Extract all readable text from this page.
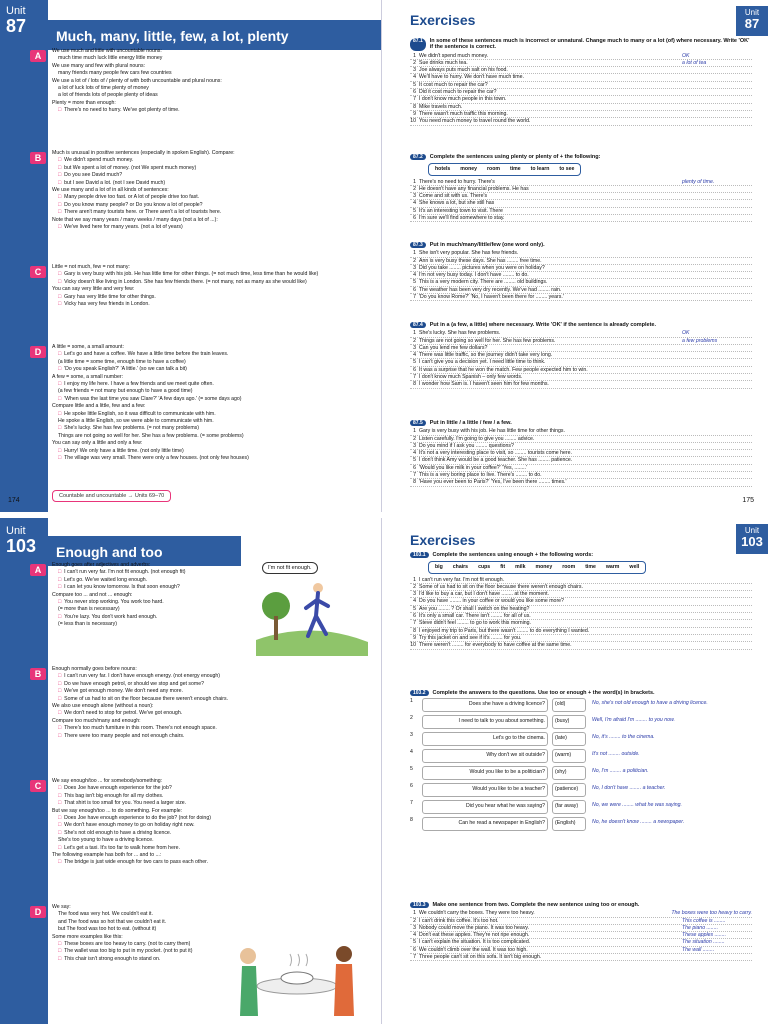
Unit
87	Much, many, little, few, a lot, plenty
A	We use much and little with uncountable nouns:

much time much luck little energy little money

We use many and few with plural nouns:

many friends many people few cars few countries

We use a lot of / lots of / plenty of with both uncountable and plural nouns:

a lot of luck lots of time plenty of money

a lot of friends lots of people plenty of ideas

Plenty = more than enough:

□ There's no need to hurry. We've got plenty of time.

B	Much is unusual in positive sentences (especially in spoken English). Compare:

□ We didn't spend much money.

□ but We spent a lot of money. (not We spent much money)

□ Do you see David much?

□ but I see David a lot. (not I see David much)

We use many and a lot of in all kinds of sentences:

□ Many people drive too fast. or A lot of people drive too fast.

□ Do you know many people? or Do you know a lot of people?

□ There aren't many tourists here. or There aren't a lot of tourists here.

Note that we say many years / many weeks / many days (not a lot of ...):

□ We've lived here for many years. (not a lot of years)

C	Little = not much, few = not many:

□ Gary is very busy with his job. He has little time for other things. (= not much time, less time than he would like)

□ Vicky doesn't like living in London. She has few friends there. (= not many, not as many as she would like)

You can say very little and very few:

□ Gary has very little time for other things.

□ Vicky has very few friends in London.

D	A little = some, a small amount:

□ Let's go and have a coffee. We have a little time before the train leaves.

(a little time = some time, enough time to have a coffee)

□ 'Do you speak English?' 'A little.' (so we can talk a bit)

A few = some, a small number:

□ I enjoy my life here. I have a few friends and we meet quite often.

(a few friends = not many but enough to have a good time)

□ 'When was the last time you saw Clare?' 'A few days ago.' (= some days ago)

Compare little and a little, few and a few:

□ He spoke little English, so it was difficult to communicate with him.

He spoke a little English, so we were able to communicate with him.

□ She's lucky. She has few problems. (= not many problems)

Things are not going so well for her. She has a few problems. (= some problems)

You can say only a little and only a few:

□ Hurry! We only have a little time. (not only little time)

□ The village was very small. There were only a few houses. (not only few houses)

Countable and uncountable → Units 69–70
174
Exercises	Unit
87
87.1	In some of these sentences much is incorrect or unnatural. Change much to many or a lot (of) where necessary. Write 'OK' if the sentence is correct.
1 We didn't spend much money.	OK
2 Sue drinks much tea.	a lot of tea
3 Joe always puts much salt on his food.
4 We'll have to hurry. We don't have much time.
5 It cost much to repair the car?
6 Did it cost much to repair the car?
7 I don't know much people in this town.
8 Mike travels much.
9 There wasn't much traffic this morning.
10 You need much money to travel round the world.
87.2	Complete the sentences using plenty or plenty of + the following:
hotels money room time to learn to see
1 There's no need to hurry. There's	plenty of time.
2 He doesn't have any financial problems. He has
3 Come and sit with us. There's
4 She knows a lot, but she still has
5 It's an interesting town to visit. There
6 I'm sure we'll find somewhere to stay.
87.3	Put in much/many/little/few (one word only).
1 She isn't very popular. She has few friends.
2 Ann is very busy these days. She has ........ free time.
3 Did you take ........ pictures when you were on holiday?
4 I'm not very busy today. I don't have ........ to do.
5 This is a very modern city. There are ........ old buildings.
6 The weather has been very dry recently. We've had ........ rain.
7 'Do you know Rome?' 'No, I haven't been there for ........ years.'
87.4	Put in a (a few, a little) where necessary. Write 'OK' if the sentence is already complete.
1 She's lucky. She has few problems.	OK
2 Things are not going so well for her. She has few problems.	a few problems
3 Can you lend me few dollars?
4 There was little traffic, so the journey didn't take very long.
5 I can't give you a decision yet. I need little time to think.
6 It was a surprise that he won the match. Few people expected him to win.
7 I don't know much Spanish – only few words.
8 I wonder how Sam is. I haven't seen him for few months.
87.5	Put in little / a little / few / a few.
1 Gary is very busy with his job. He has little time for other things.
2 Listen carefully. I'm going to give you ........ advice.
3 Do you mind if I ask you ........ questions?
4 It's not a very interesting place to visit, so ........ tourists come here.
5 I don't think Amy would be a good teacher. She has ........ patience.
6 'Would you like milk in your coffee?' 'Yes, ........'
7 This is a very boring place to live. There's ........ to do.
8 'Have you ever been to Paris?' 'Yes, I've been there ........ times.'
175
Unit
103	Enough and too
A	Enough goes after adjectives and adverbs:

□ I can't run very far. I'm not fit enough. (not enough fit)

□ Let's go. We've waited long enough.

□ I can let you know tomorrow. Is that soon enough?

Compare too ... and not ... enough:

□ You never stop working. You work too hard.

(= more than is necessary)

□ You're lazy. You don't work hard enough.

(= less than is necessary)

I'm not fit enough.
B	Enough normally goes before nouns:

□ I can't run very far. I don't have enough energy. (not energy enough)

□ Do we have enough petrol, or should we stop and get some?

□ We've got enough money. We don't need any more.

□ Some of us had to sit on the floor because there weren't enough chairs.

We also use enough alone (without a noun):

□ We don't need to stop for petrol. We've got enough.

Compare too much/many and enough:

□ There's too much furniture in this room. There's not enough space.

□ There were too many people and not enough chairs.

C	We say enough/too ... for somebody/something:

□ Does Joe have enough experience for the job?

□ This bag isn't big enough for all my clothes.

□ That shirt is too small for you. You need a larger size.

But we say enough/too ... to do something. For example:

□ Does Joe have enough experience to do the job? (not for doing)

□ We don't have enough money to go on holiday right now.

□ She's not old enough to have a driving licence.

She's too young to have a driving licence.

□ Let's get a taxi. It's too far to walk home from here.

The following example has both for ... and to ...:

□ The bridge is just wide enough for two cars to pass each other.

D	We say:

The food was very hot. We couldn't eat it.

and The food was so hot that we couldn't eat it.

but The food was too hot to eat. (without it)

Some more examples like this:

□ These boxes are too heavy to carry. (not to carry them)

□ The wallet was too big to put in my pocket. (not to put it)

□ This chair isn't strong enough to stand on.

Exercises
Unit
103
103.1	Complete the sentences using enough + the following words:
big chairs cups fit milk money room time warm well
1 I can't run very far. I'm not fit enough.
2 Some of us had to sit on the floor because there weren't enough chairs.
3 I'd like to buy a car, but I don't have ........ at the moment.
4 Do you have ........ in your coffee or would you like some more?
5 Are you ........ ? Or shall I switch on the heating?
6 It's only a small car. There isn't ........ for all of us.
7 Steve didn't feel ........ to go to work this morning.
8 I enjoyed my trip to Paris, but there wasn't ........ to do everything I wanted.
9 Try this jacket on and see if it's ........ for you.
10 There weren't ........ for everybody to have coffee at the same time.
103.2	Complete the answers to the questions. Use too or enough + the word(s) in brackets.
1	Does she have a driving licence?	(old)	No, she's not old enough to have a driving licence.
2	I need to talk to you about something.	(busy)	Well, I'm afraid I'm ........ to you now.
3	Let's go to the cinema.	(late)	No, it's ........ to the cinema.
4	Why don't we sit outside?	(warm)	It's not ........ outside.
5	Would you like to be a politician?	(shy)	No, I'm ........ a politician.
6	Would you like to be a teacher?	(patience)	No, I don't have ........ a teacher.
7	Did you hear what he was saying?	(far away)	No, we were ........ what he was saying.
8	Can he read a newspaper in English?	(English)	No, he doesn't know ........ a newspaper.
103.3	Make one sentence from two. Complete the new sentence using too or enough.
1 We couldn't carry the boxes. They were too heavy.	The boxes were too heavy to carry.
2 I can't drink this coffee. It's too hot.	This coffee is ........
3 Nobody could move the piano. It was too heavy.	The piano ........
4 Don't eat these apples. They're not ripe enough.	These apples ........
5 I can't explain the situation. It is too complicated.	The situation ........
6 We couldn't climb over the wall. It was too high.	The wall ........
7 Three people can't sit on this sofa. It isn't big enough.
